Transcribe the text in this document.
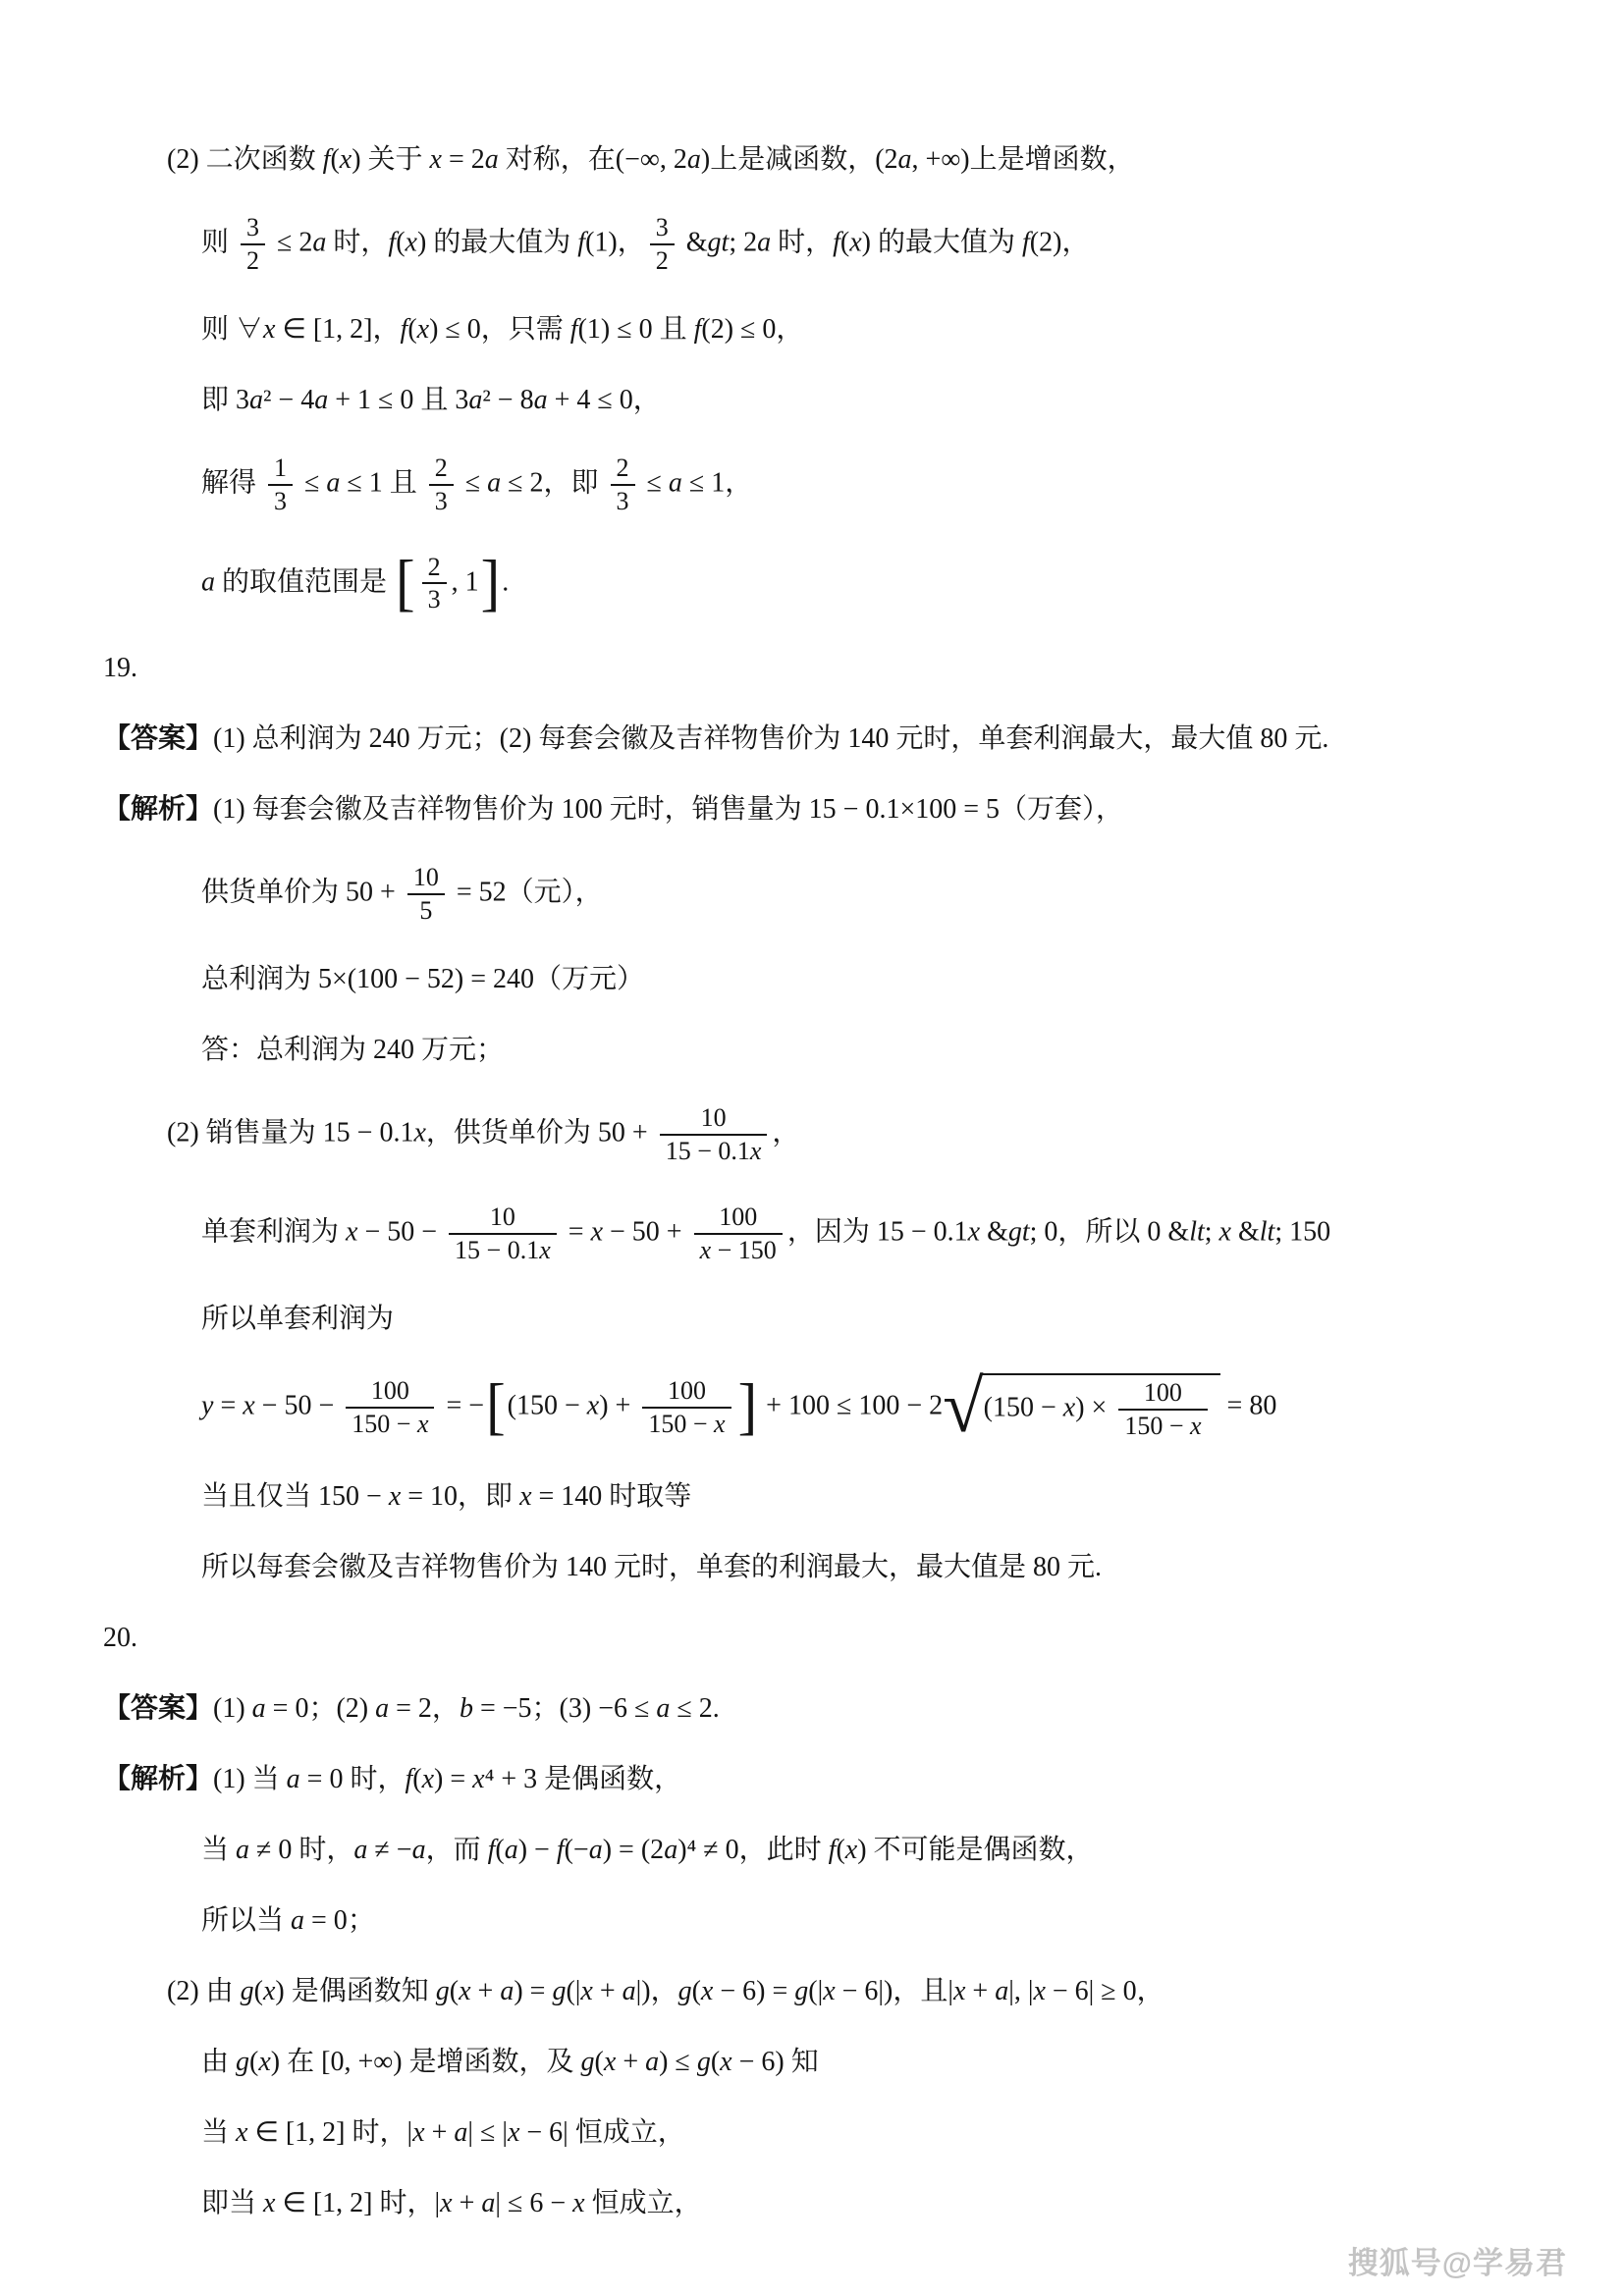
(2) 二次函数 f(x) 关于 x = 2a 对称，在(−∞, 2a)上是减函数，(2a, +∞)上是增函数，
则 $\frac{3}{2} \le 2a$ 时，f(x) 的最大值为 f(1)， $\frac{3}{2}$ &gt; 2a 时，f(x) 的最大值为 f(2)，
则 ∀x ∈ [1, 2]，f(x) ≤ 0，只需 f(1) ≤ 0 且 f(2) ≤ 0，
即 3a² − 4a + 1 ≤ 0 且 3a² − 8a + 4 ≤ 0，
解得 $\frac{1}{3} \le a \le 1$ 且 $\frac{2}{3} \le a \le 2$，即 $\frac{2}{3} \le a \le 1$，
a 的取值范围是 [ $\frac{2}{3}$ , 1].
19.
【答案】(1) 总利润为 240 万元；(2) 每套会徽及吉祥物售价为 140 元时，单套利润最大，最大值 80 元.
【解析】(1) 每套会徽及吉祥物售价为 100 元时，销售量为 15 − 0.1×100 = 5（万套），
供货单价为 $50 + \frac{10}{5} = 52$（元），
总利润为 5×(100 − 52) = 240（万元）
答：总利润为 240 万元；
(2) 销售量为 15 − 0.1x，供货单价为 $50 + \frac{10}{15 - 0.1x}$ ，
单套利润为 $x - 50 - \frac{10}{15 - 0.1x} = x - 50 + \frac{100}{x - 150}$ ，因为 15 − 0.1x &gt; 0，所以 0 &lt; x &lt; 150
所以单套利润为
$y = x - 50 - \frac{100}{150 - x} = -[(150 - x) + \frac{100}{150 - x}$ ] + $100 \le 100 - 2√(150 - x) \times \frac{100}{150 - x} = 80$
当且仅当 150 − x = 10，即 x = 140 时取等
所以每套会徽及吉祥物售价为 140 元时，单套的利润最大，最大值是 80 元.
20.
【答案】(1) a = 0；(2) a = 2，b = −5；(3) −6 ≤ a ≤ 2.
【解析】(1) 当 a = 0 时，f(x) = x⁴ + 3 是偶函数，
当 a ≠ 0 时，a ≠ −a，而 f(a) − f(−a) = (2a)⁴ ≠ 0，此时 f(x) 不可能是偶函数，
所以当 a = 0；
(2) 由 g(x) 是偶函数知 g(x + a) = g(|x + a|)，g(x − 6) = g(|x − 6|)，且|x + a|, |x − 6| ≥ 0，
由 g(x) 在 [0, +∞) 是增函数，及 g(x + a) ≤ g(x − 6) 知
当 x ∈ [1, 2] 时，|x + a| ≤ |x − 6| 恒成立，
即当 x ∈ [1, 2] 时，|x + a| ≤ 6 − x 恒成立，
搜狐号@学易君
